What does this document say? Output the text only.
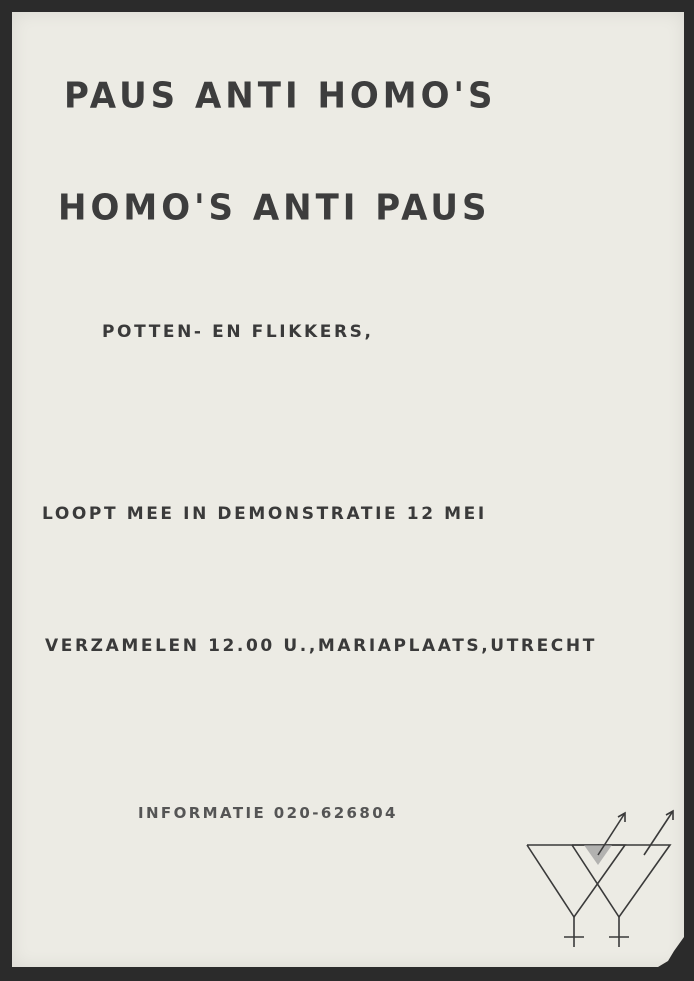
PAUS ANTI HOMO'S
HOMO'S ANTI PAUS
POTTEN- EN FLIKKERS,
LOOPT MEE IN DEMONSTRATIE 12 MEI
VERZAMELEN 12.00 U.,MARIAPLAATS,UTRECHT
INFORMATIE 020-626804
